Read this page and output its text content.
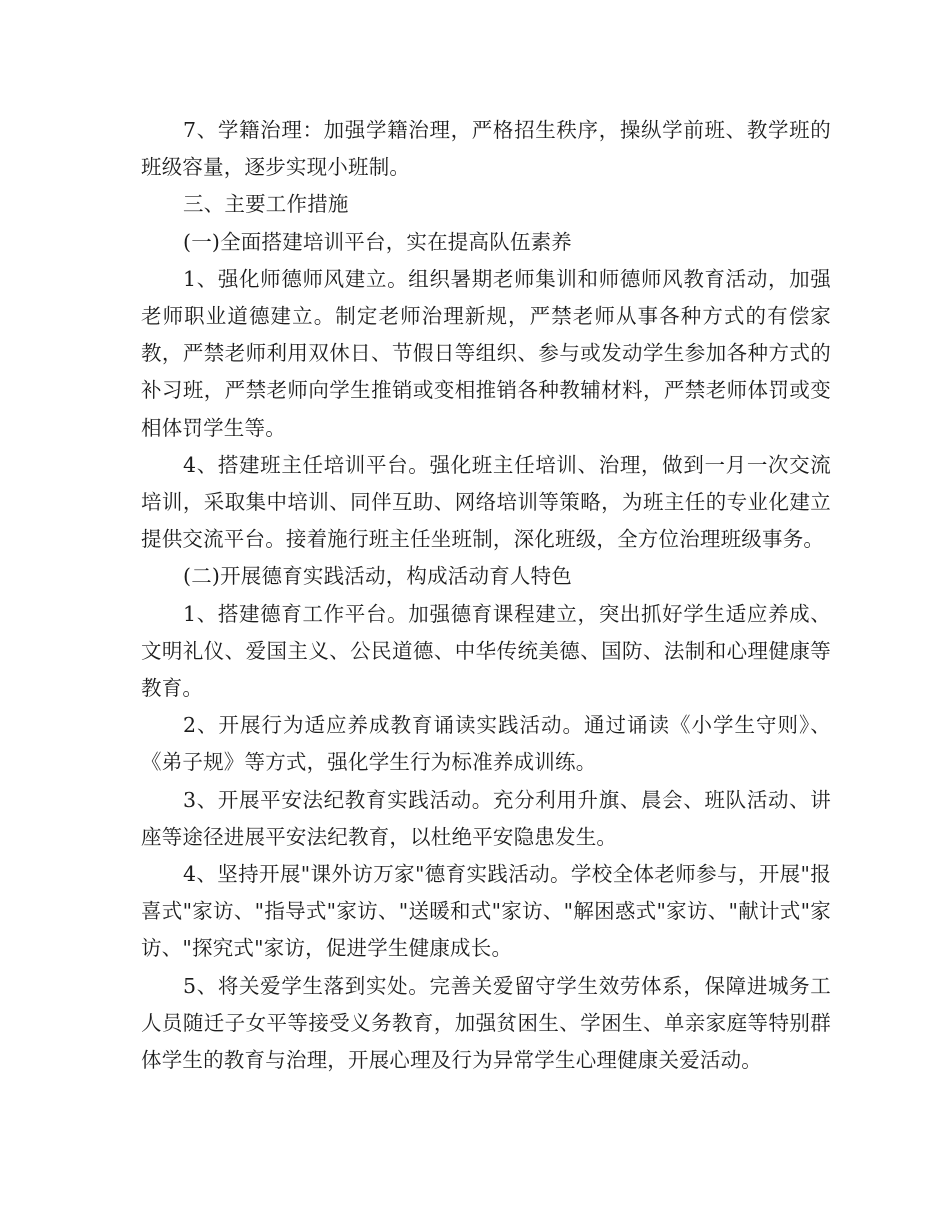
7、学籍治理：加强学籍治理，严格招生秩序，操纵学前班、教学班的班级容量，逐步实现小班制。

三、主要工作措施

(一)全面搭建培训平台，实在提高队伍素养

1、强化师德师风建立。组织暑期老师集训和师德师风教育活动，加强老师职业道德建立。制定老师治理新规，严禁老师从事各种方式的有偿家教，严禁老师利用双休日、节假日等组织、参与或发动学生参加各种方式的补习班，严禁老师向学生推销或变相推销各种教辅材料，严禁老师体罚或变相体罚学生等。

4、搭建班主任培训平台。强化班主任培训、治理，做到一月一次交流培训，采取集中培训、同伴互助、网络培训等策略，为班主任的专业化建立提供交流平台。接着施行班主任坐班制，深化班级，全方位治理班级事务。

(二)开展德育实践活动，构成活动育人特色

1、搭建德育工作平台。加强德育课程建立，突出抓好学生适应养成、文明礼仪、爱国主义、公民道德、中华传统美德、国防、法制和心理健康等教育。

2、开展行为适应养成教育诵读实践活动。通过诵读《小学生守则》、《弟子规》等方式，强化学生行为标准养成训练。

3、开展平安法纪教育实践活动。充分利用升旗、晨会、班队活动、讲座等途径进展平安法纪教育，以杜绝平安隐患发生。

4、坚持开展"课外访万家"德育实践活动。学校全体老师参与，开展"报喜式"家访、"指导式"家访、"送暖和式"家访、"解困惑式"家访、"献计式"家访、"探究式"家访，促进学生健康成长。

5、将关爱学生落到实处。完善关爱留守学生效劳体系，保障进城务工人员随迁子女平等接受义务教育，加强贫困生、学困生、单亲家庭等特别群体学生的教育与治理，开展心理及行为异常学生心理健康关爱活动。
